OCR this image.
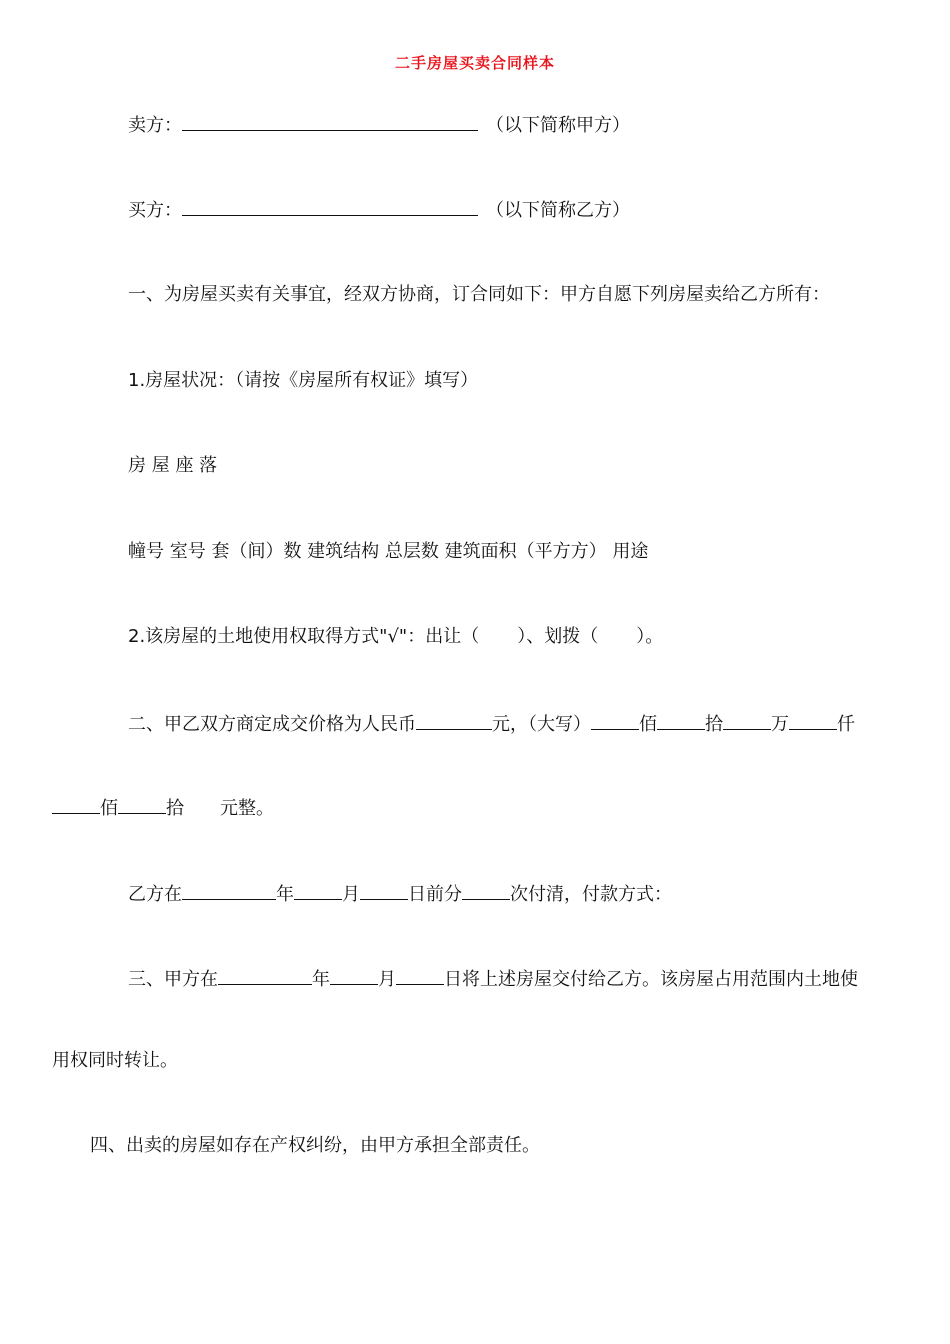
二手房屋买卖合同样本
卖方：	（以下简称甲方）
买方：	（以下简称乙方）
一、为房屋买卖有关事宜，经双方协商，订合同如下：甲方自愿下列房屋卖给乙方所有：
1.房屋状况：（请按《房屋所有权证》填写）
房 屋 座 落
幢号 室号 套（间）数 建筑结构 总层数 建筑面积（平方方） 用途
2.该房屋的土地使用权取得方式"√"：出让（ ）、划拨（ ）。
二、甲乙双方商定成交价格为人民币	元，（大写）	佰	拾	万	仟
佰	拾 元整。
乙方在	年	月	日前分	次付清，付款方式：
三、甲方在	年	月	日将上述房屋交付给乙方。该房屋占用范围内土地使
用权同时转让。
四、出卖的房屋如存在产权纠纷，由甲方承担全部责任。
